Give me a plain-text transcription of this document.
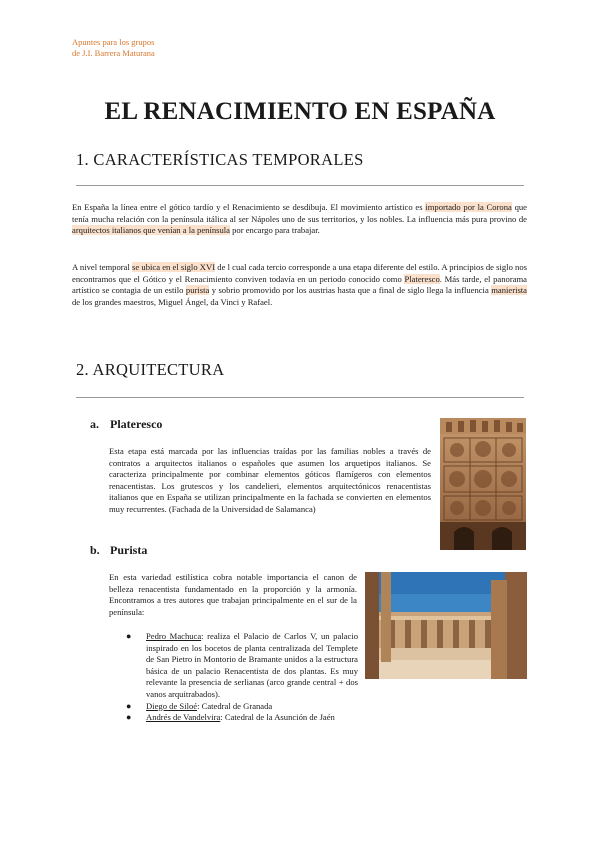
Apuntes para los grupos
de J.I. Barrera Maturana
EL RENACIMIENTO EN ESPAÑA
1. CARACTERÍSTICAS TEMPORALES
En España la línea entre el gótico tardío y el Renacimiento se desdibuja. El movimiento artístico es importado por la Corona que tenía mucha relación con la península itálica al ser Nápoles uno de sus territorios, y los nobles. La influencia más pura provino de arquitectos italianos que venían a la península por encargo para trabajar.
A nivel temporal se ubica en el siglo XVI de l cual cada tercio corresponde a una etapa diferente del estilo. A principios de siglo nos encontramos que el Gótico y el Renacimiento conviven todavía en un periodo conocido como Plateresco. Más tarde, el panorama artístico se contagia de un estilo purista y sobrio promovido por los austrias hasta que a final de siglo llega la influencia manierista de los grandes maestros, Miguel Ángel, da Vinci y Rafael.
2. ARQUITECTURA
a. Plateresco
Esta etapa está marcada por las influencias traídas por las familias nobles a través de contratos a arquitectos italianos o españoles que asumen los arquetipos italianos. Se caracteriza principalmente por combinar elementos góticos flamígeros con elementos renacentistas. Los grutescos y los candelieri, elementos arquitectónicos renacentistas italianos que en España se utilizan principalmente en la fachada se convierten en elementos muy recurrentes. (Fachada de la Universidad de Salamanca)
b. Purista
En esta variedad estilística cobra notable importancia el canon de belleza renacentista fundamentado en la proporción y la armonía. Encontramos a tres autores que trabajan principalmente en el sur de la península:
● Pedro Machuca: realiza el Palacio de Carlos V, un palacio inspirado en los bocetos de planta centralizada del Templete de San Pietro in Montorio de Bramante unidos a la estructura básica de un palacio Renacentista de dos plantas. Es muy relevante la presencia de serlianas (arco grande central + dos vanos arquitrabados).
● Diego de Siloé: Catedral de Granada
● Andrés de Vandelvira: Catedral de la Asunción de Jaén
